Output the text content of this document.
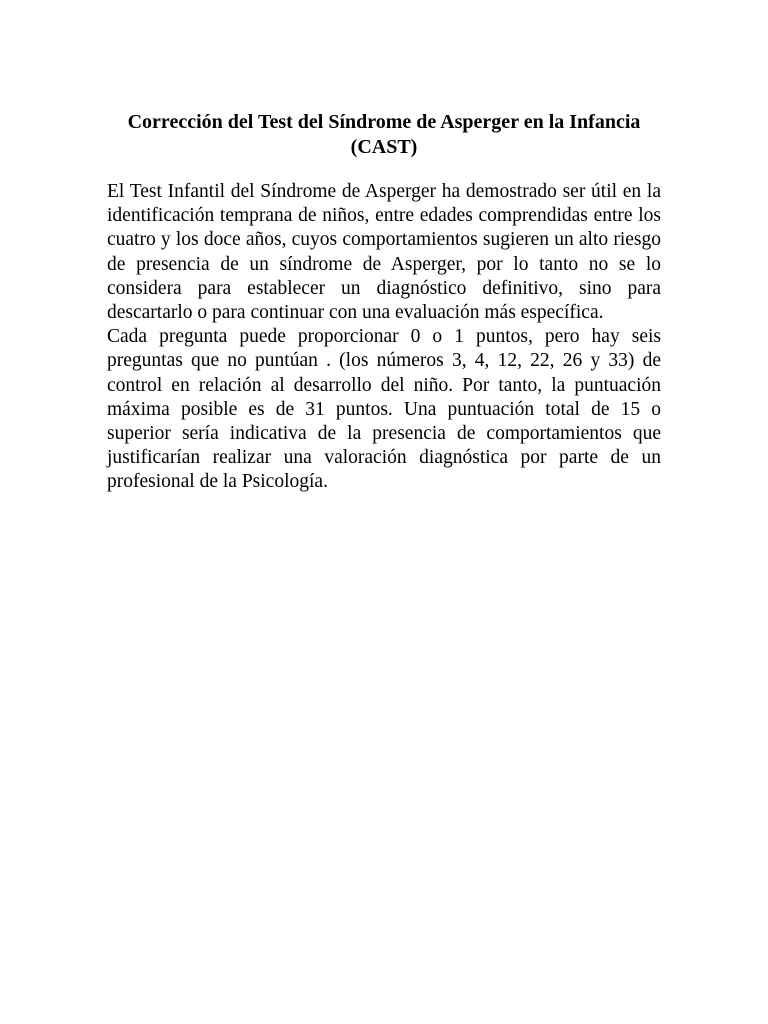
Corrección del Test del Síndrome de Asperger en la Infancia
(CAST)

El Test Infantil del Síndrome de Asperger ha demostrado ser útil en la identificación temprana de niños, entre edades comprendidas entre los cuatro y los doce años, cuyos comportamientos sugieren un alto riesgo de presencia de un síndrome de Asperger, por lo tanto no se lo considera para establecer un diagnóstico definitivo, sino para descartarlo o para continuar con una evaluación más específica.

Cada pregunta puede proporcionar 0 o 1 puntos, pero hay seis preguntas que no puntúan . (los números 3, 4, 12, 22, 26 y 33) de control en relación al desarrollo del niño. Por tanto, la puntuación máxima posible es de 31 puntos. Una puntuación total de 15 o superior sería indicativa de la presencia de comportamientos que justificarían realizar una valoración diagnóstica por parte de un profesional de la Psicología.
